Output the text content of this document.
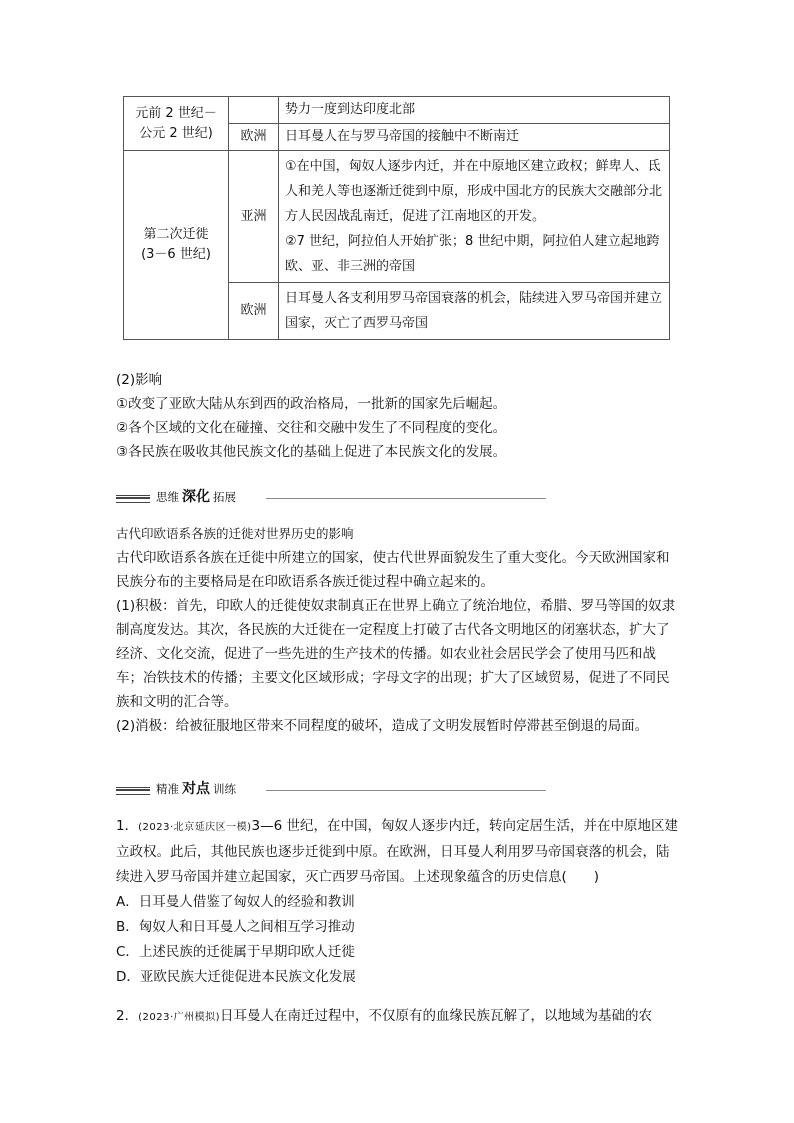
元前 2 世纪－公元 2 世纪)		势力一度到达印度北部
	欧洲	日耳曼人在与罗马帝国的接触中不断南迁

第二次迁徙
(3－6 世纪)	亚洲	①在中国，匈奴人逐步内迁，并在中原地区建立政权；鲜卑人、氐人和羌人等也逐渐迁徙到中原，形成中国北方的民族大交融部分北方人民因战乱南迁，促进了江南地区的开发。
②7 世纪，阿拉伯人开始扩张；8 世纪中期，阿拉伯人建立起地跨欧、亚、非三洲的帝国

	欧洲	日耳曼人各支利用罗马帝国衰落的机会，陆续进入罗马帝国并建立国家，灭亡了西罗马帝国

(2)影响

①改变了亚欧大陆从东到西的政治格局，一批新的国家先后崛起。

②各个区域的文化在碰撞、交往和交融中发生了不同程度的变化。

③各民族在吸收其他民族文化的基础上促进了本民族文化的发展。

思维 深化 拓展

古代印欧语系各族的迁徙对世界历史的影响

古代印欧语系各族在迁徙中所建立的国家，使古代世界面貌发生了重大变化。今天欧洲国家和民族分布的主要格局是在印欧语系各族迁徙过程中确立起来的。

(1)积极：首先，印欧人的迁徙使奴隶制真正在世界上确立了统治地位，希腊、罗马等国的奴隶制高度发达。其次，各民族的大迁徙在一定程度上打破了古代各文明地区的闭塞状态，扩大了经济、文化交流，促进了一些先进的生产技术的传播。如农业社会居民学会了使用马匹和战车；冶铁技术的传播；主要文化区域形成；字母文字的出现；扩大了区域贸易，促进了不同民族和文明的汇合等。

(2)消极：给被征服地区带来不同程度的破坏，造成了文明发展暂时停滞甚至倒退的局面。

精准 对点 训练

1．(2023·北京延庆区一模)3—6 世纪，在中国，匈奴人逐步内迁，转向定居生活，并在中原地区建立政权。此后，其他民族也逐步迁徙到中原。在欧洲，日耳曼人利用罗马帝国衰落的机会，陆续进入罗马帝国并建立起国家，灭亡西罗马帝国。上述现象蕴含的历史信息(　　)

A．日耳曼人借鉴了匈奴人的经验和教训

B．匈奴人和日耳曼人之间相互学习推动

C．上述民族的迁徙属于早期印欧人迁徙

D．亚欧民族大迁徙促进本民族文化发展

2．(2023·广州模拟)日耳曼人在南迁过程中，不仅原有的血缘民族瓦解了，以地域为基础的农
